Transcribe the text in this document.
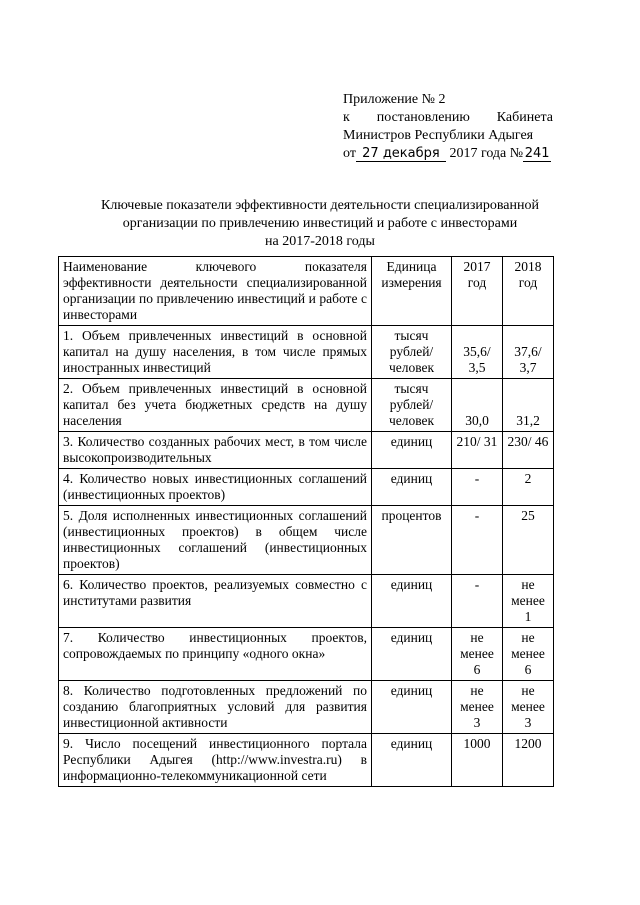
Приложение № 2
к постановлению Кабинета
Министров Республики Адыгея
от 27 декабря 2017 года № 241
Ключевые показатели эффективности деятельности специализированной
организации по привлечению инвестиций и работе с инвесторами
на 2017-2018 годы
Наименование ключевого показателя эффективности деятельности специализированной организации по привлечению инвестиций и работе с инвесторами	Единица измерения	2017 год	2018 год
1. Объем привлеченных инвестиций в основной капитал на душу населения, в том числе прямых иностранных инвестиций	тысяч рублей/ человек	35,6/ 3,5	37,6/ 3,7
2. Объем привлеченных инвестиций в основной капитал без учета бюджетных средств на душу населения	тысяч рублей/ человек	30,0	31,2
3. Количество созданных рабочих мест, в том числе высокопроизводительных	единиц	210/ 31	230/ 46
4. Количество новых инвестиционных соглашений (инвестиционных проектов)	единиц	-	2
5. Доля исполненных инвестиционных соглашений (инвестиционных проектов) в общем числе инвестиционных соглашений (инвестиционных проектов)	процентов	-	25
6. Количество проектов, реализуемых совместно с институтами развития	единиц	-	не менее 1
7. Количество инвестиционных проектов, сопровождаемых по принципу «одного окна»	единиц	не менее 6	не менее 6
8. Количество подготовленных предложений по созданию благоприятных условий для развития инвестиционной активности	единиц	не менее 3	не менее 3
9. Число посещений инвестиционного портала Республики Адыгея (http://www.investra.ru) в информационно-телекоммуникационной сети	единиц	1000	1200
